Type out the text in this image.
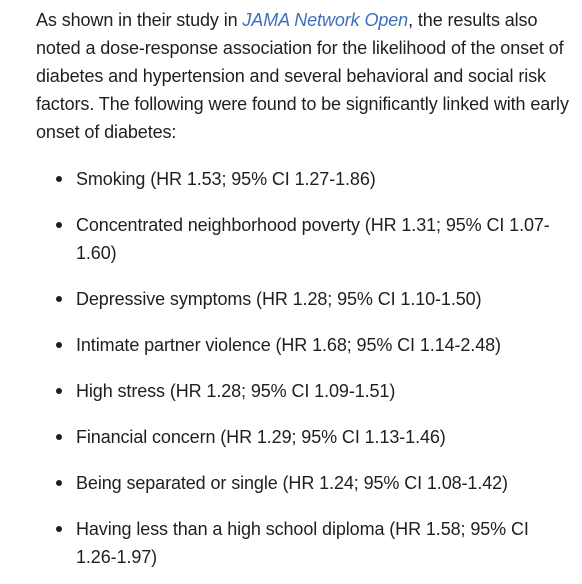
As shown in their study in JAMA Network Open, the results also noted a dose-response association for the likelihood of the onset of diabetes and hypertension and several behavioral and social risk factors. The following were found to be significantly linked with early onset of diabetes:

Smoking (HR 1.53; 95% CI 1.27-1.86)
Concentrated neighborhood poverty (HR 1.31; 95% CI 1.07-1.60)
Depressive symptoms (HR 1.28; 95% CI 1.10-1.50)
Intimate partner violence (HR 1.68; 95% CI 1.14-2.48)
High stress (HR 1.28; 95% CI 1.09-1.51)
Financial concern (HR 1.29; 95% CI 1.13-1.46)
Being separated or single (HR 1.24; 95% CI 1.08-1.42)
Having less than a high school diploma (HR 1.58; 95% CI 1.26-1.97)
